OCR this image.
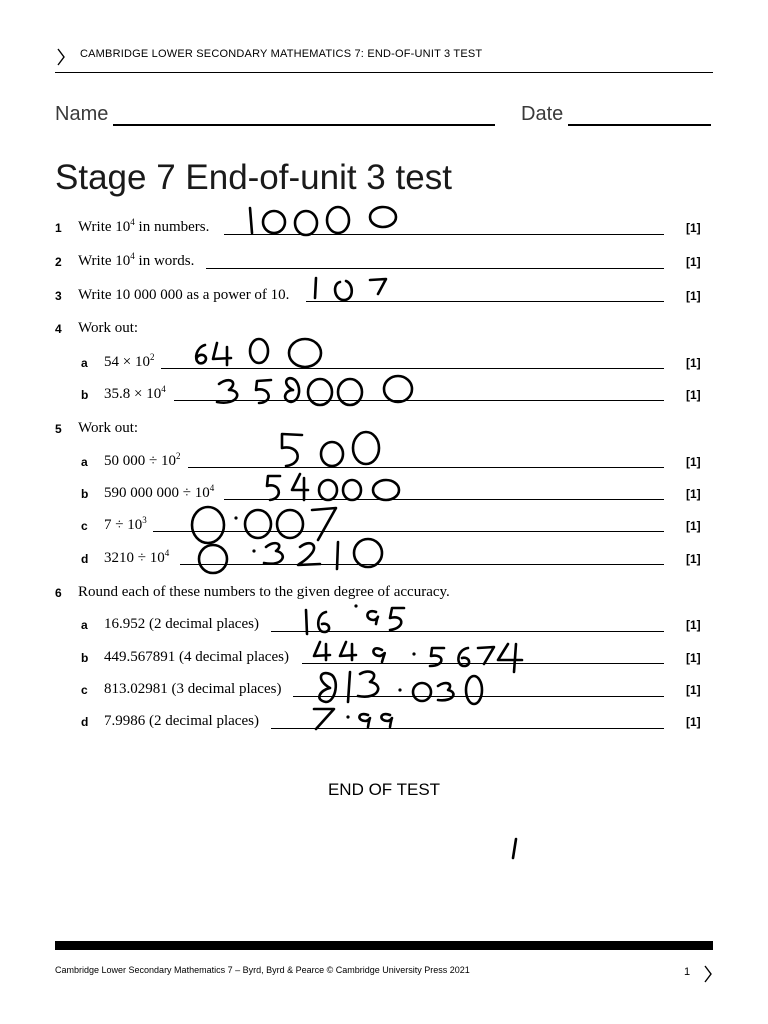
CAMBRIDGE LOWER SECONDARY MATHEMATICS 7: END-OF-UNIT 3 TEST
Name	Date
Stage 7 End-of-unit 3 test
1 Write $10^4$ in numbers.	[1]
2 Write $10^4$ in words.	[1]
3 Write 10 000 000 as a power of 10.	[1]
4 Work out:
a $54 \times 10^2$	[1]
b $35.8 \times 10^4$	[1]
5 Work out:
a 50 $000 \div 10^2$	[1]
b 590 000 $000 \div 10^4$	[1]
c $7 \div 10^3$	[1]
d $3210 \div 10^4$	[1]
6 Round each of these numbers to the given degree of accuracy.
a 16.952 (2 decimal places)	[1]
b 449.567891 (4 decimal places)	[1]
c 813.02981 (3 decimal places)	[1]
d 7.9986 (2 decimal places)	[1]
END OF TEST
Cambridge Lower Secondary Mathematics 7 – Byrd, Byrd & Pearce © Cambridge University Press 2021	1
